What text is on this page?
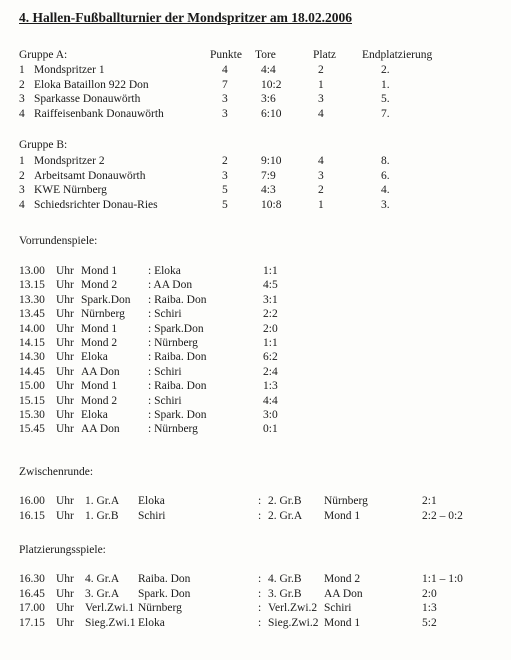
4. Hallen-Fußballturnier der Mondspritzer am 18.02.2006
Gruppe A:	Punkte Tore	Platz Endplatzierung
1 Mondspritzer 1	4	4:4	2	2.
2 Eloka Bataillon 922 Don	7	10:2	1	1.
3 Sparkasse Donauwörth	3	3:6	3	5.
4 Raiffeisenbank Donauwörth	3	6:10	4	7.
Gruppe B:
1 Mondspritzer 2	2	9:10	4	8.
2 Arbeitsamt Donauwörth	3	7:9	3	6.
3 KWE Nürnberg	5	4:3	2	4.
4 Schiedsrichter Donau-Ries	5	10:8	1	3.
Vorrundenspiele:
13.00 Uhr Mond 1	: Eloka	1:1
13.15 Uhr Mond 2	: AA Don	4:5
13.30 Uhr Spark.Don : Raiba. Don	3:1
13.45 Uhr Nürnberg : Schiri	2:2
14.00 Uhr Mond 1	: Spark.Don	2:0
14.15 Uhr Mond 2	: Nürnberg	1:1
14.30 Uhr Eloka	: Raiba. Don	6:2
14.45 Uhr AA Don : Schiri	2:4
15.00 Uhr Mond 1	: Raiba. Don	1:3
15.15 Uhr Mond 2	: Schiri	4:4
15.30 Uhr Eloka	: Spark. Don	3:0
15.45 Uhr AA Don : Nürnberg	0:1
Zwischenrunde:
16.00 Uhr 1. Gr.A Eloka	: 2. Gr.B Nürnberg	2:1
16.15 Uhr 1. Gr.B Schiri	: 2. Gr.A Mond 1	2:2 – 0:2
Platzierungsspiele:
16.30 Uhr 4. Gr.A Raiba. Don	: 4. Gr.B Mond 2	1:1 – 1:0
16.45 Uhr 3. Gr.A Spark. Don	: 3. Gr.B AA Don	2:0
17.00 Uhr Verl.Zwi.1 Nürnberg	: Verl.Zwi.2 Schiri	1:3
17.15 Uhr Sieg.Zwi.1 Eloka	: Sieg.Zwi.2 Mond 1	5:2
